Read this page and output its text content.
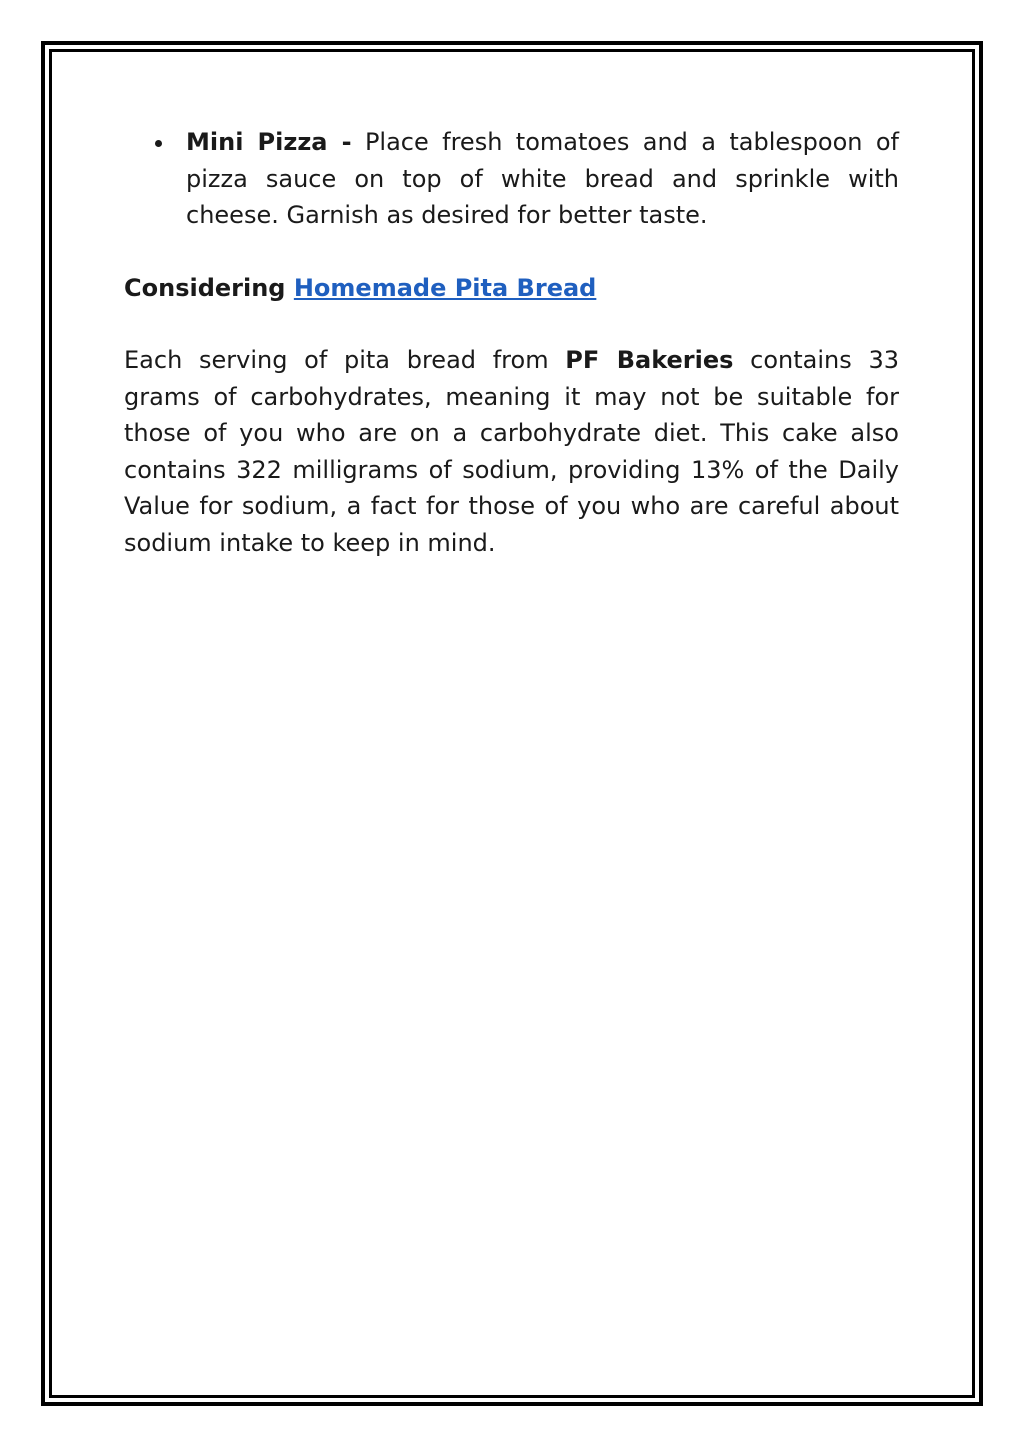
Mini Pizza - Place fresh tomatoes and a tablespoon of pizza sauce on top of white bread and sprinkle with cheese. Garnish as desired for better taste.

Considering Homemade Pita Bread

Each serving of pita bread from PF Bakeries contains 33 grams of carbohydrates, meaning it may not be suitable for those of you who are on a carbohydrate diet. This cake also contains 322 milligrams of sodium, providing 13% of the Daily Value for sodium, a fact for those of you who are careful about sodium intake to keep in mind.
